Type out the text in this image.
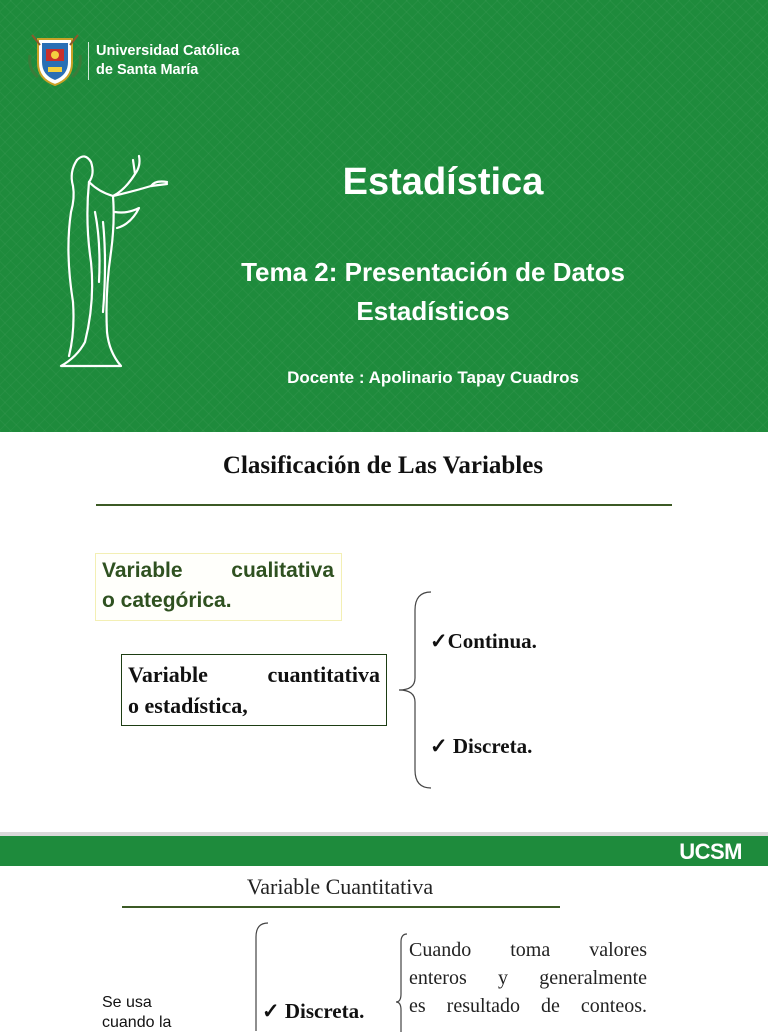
Universidad Católica
de Santa María
Estadística
Tema 2: Presentación de Datos Estadísticos
Docente : Apolinario Tapay Cuadros
Clasificación de Las Variables
Variable cualitativa
o categórica.
Variable cuantitativa
o estadística,
✓Continua.
✓ Discreta.
UCSM
Variable Cuantitativa
Se usa
cuando la	✓ Discreta.
Cuando toma valores
enteros y generalmente
es resultado de conteos.
